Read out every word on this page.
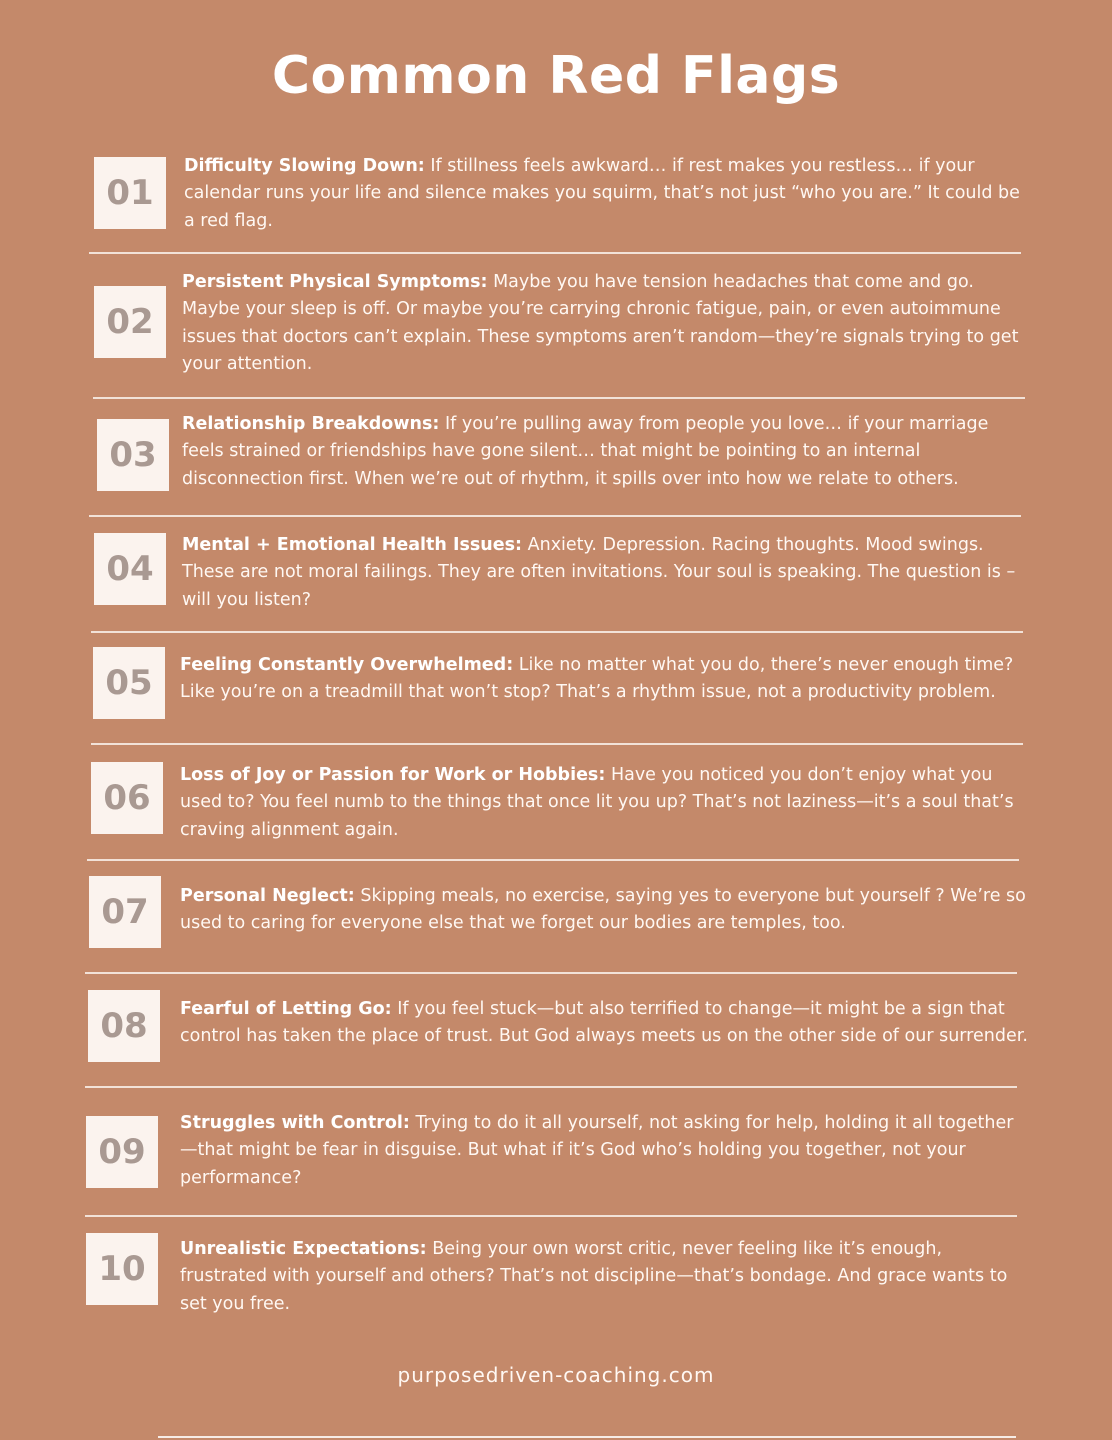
Common Red Flags
01

Difficulty Slowing Down: If stillness feels awkward… if rest makes you restless… if your calendar runs your life and silence makes you squirm, that’s not just “who you are.” It could be a red flag.

02

Persistent Physical Symptoms: Maybe you have tension headaches that come and go. Maybe your sleep is off. Or maybe you’re carrying chronic fatigue, pain, or even autoimmune issues that doctors can’t explain. These symptoms aren’t random—they’re signals trying to get your attention.

03

Relationship Breakdowns: If you’re pulling away from people you love… if your marriage feels strained or friendships have gone silent… that might be pointing to an internal disconnection first. When we’re out of rhythm, it spills over into how we relate to others.

04

Mental + Emotional Health Issues: Anxiety. Depression. Racing thoughts. Mood swings. These are not moral failings. They are often invitations. Your soul is speaking. The question is – will you listen?

05	Feeling Constantly Overwhelmed: Like no matter what you do, there’s never enough time? Like you’re on a treadmill that won’t stop? That’s a rhythm issue, not a productivity problem.

06

Loss of Joy or Passion for Work or Hobbies: Have you noticed you don’t enjoy what you used to? You feel numb to the things that once lit you up? That’s not laziness—it’s a soul that’s craving alignment again.

07	Personal Neglect: Skipping meals, no exercise, saying yes to everyone but yourself ? We’re so used to caring for everyone else that we forget our bodies are temples, too.

08	Fearful of Letting Go: If you feel stuck—but also terrified to change—it might be a sign that control has taken the place of trust. But God always meets us on the other side of our surrender.

09

Struggles with Control: Trying to do it all yourself, not asking for help, holding it all together—that might be fear in disguise. But what if it’s God who’s holding you together, not your performance?

10	Unrealistic Expectations: Being your own worst critic, never feeling like it’s enough, frustrated with yourself and others? That’s not discipline—that’s bondage. And grace wants to set you free.

purposedriven-coaching.com
